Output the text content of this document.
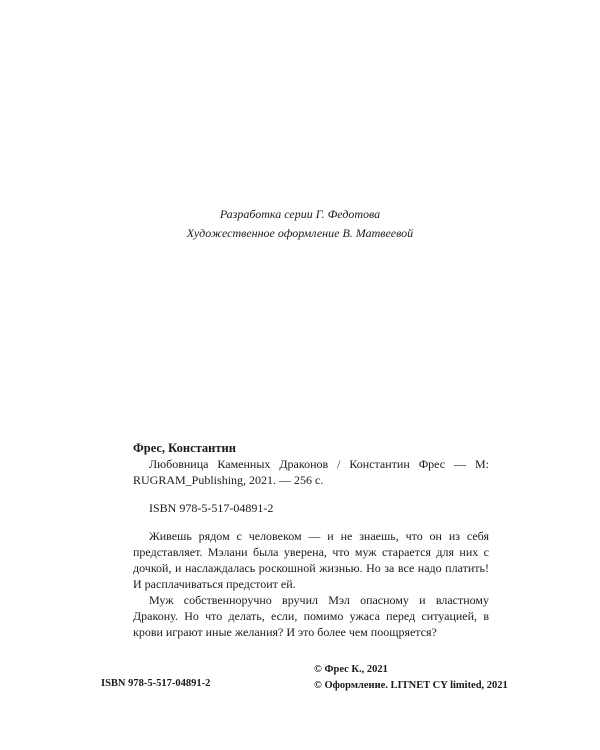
Разработка серии Г. Федотова
Художественное оформление В. Матвеевой

Фрес, Константин

Любовница Каменных Драконов / Константин Фрес — М: RUGRAM_Publishing, 2021. — 256 с.

ISBN 978-5-517-04891-2

Живешь рядом с человеком — и не знаешь, что он из себя представляет. Мэлани была уверена, что муж старается для них с дочкой, и наслаждалась роскошной жизнью. Но за все надо платить! И расплачиваться предстоит ей.

Муж собственноручно вручил Мэл опасному и властному Дракону. Но что делать, если, помимо ужаса перед ситуацией, в крови играют иные желания? И это более чем поощряется?

ISBN 978-5-517-04891-2
© Фрес К., 2021
© Оформление. LITNET CY limited, 2021
